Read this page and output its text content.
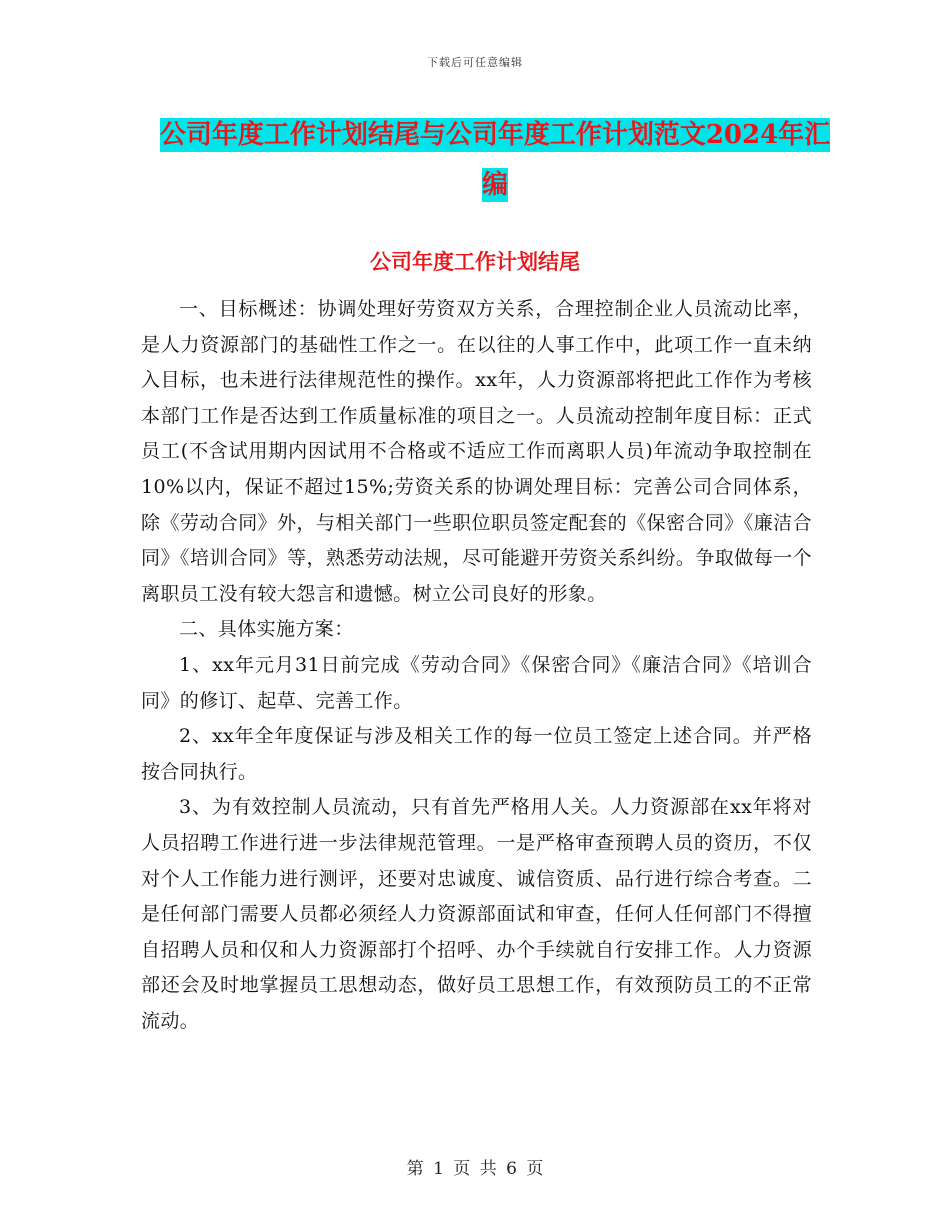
下载后可任意编辑
公司年度工作计划结尾与公司年度工作计划范文2024年汇编
公司年度工作计划结尾

一、目标概述：协调处理好劳资双方关系，合理控制企业人员流动比率，是人力资源部门的基础性工作之一。在以往的人事工作中，此项工作一直未纳入目标，也未进行法律规范性的操作。xx年，人力资源部将把此工作作为考核本部门工作是否达到工作质量标准的项目之一。人员流动控制年度目标：正式员工(不含试用期内因试用不合格或不适应工作而离职人员)年流动争取控制在10%以内，保证不超过15%;劳资关系的协调处理目标：完善公司合同体系，除《劳动合同》外，与相关部门一些职位职员签定配套的《保密合同》《廉洁合同》《培训合同》等，熟悉劳动法规，尽可能避开劳资关系纠纷。争取做每一个离职员工没有较大怨言和遗憾。树立公司良好的形象。

二、具体实施方案：

1、xx年元月31日前完成《劳动合同》《保密合同》《廉洁合同》《培训合同》的修订、起草、完善工作。

2、xx年全年度保证与涉及相关工作的每一位员工签定上述合同。并严格按合同执行。

3、为有效控制人员流动，只有首先严格用人关。人力资源部在xx年将对人员招聘工作进行进一步法律规范管理。一是严格审查预聘人员的资历，不仅对个人工作能力进行测评，还要对忠诚度、诚信资质、品行进行综合考查。二是任何部门需要人员都必须经人力资源部面试和审查，任何人任何部门不得擅自招聘人员和仅和人力资源部打个招呼、办个手续就自行安排工作。人力资源部还会及时地掌握员工思想动态，做好员工思想工作，有效预防员工的不正常流动。

第 1 页 共 6 页
